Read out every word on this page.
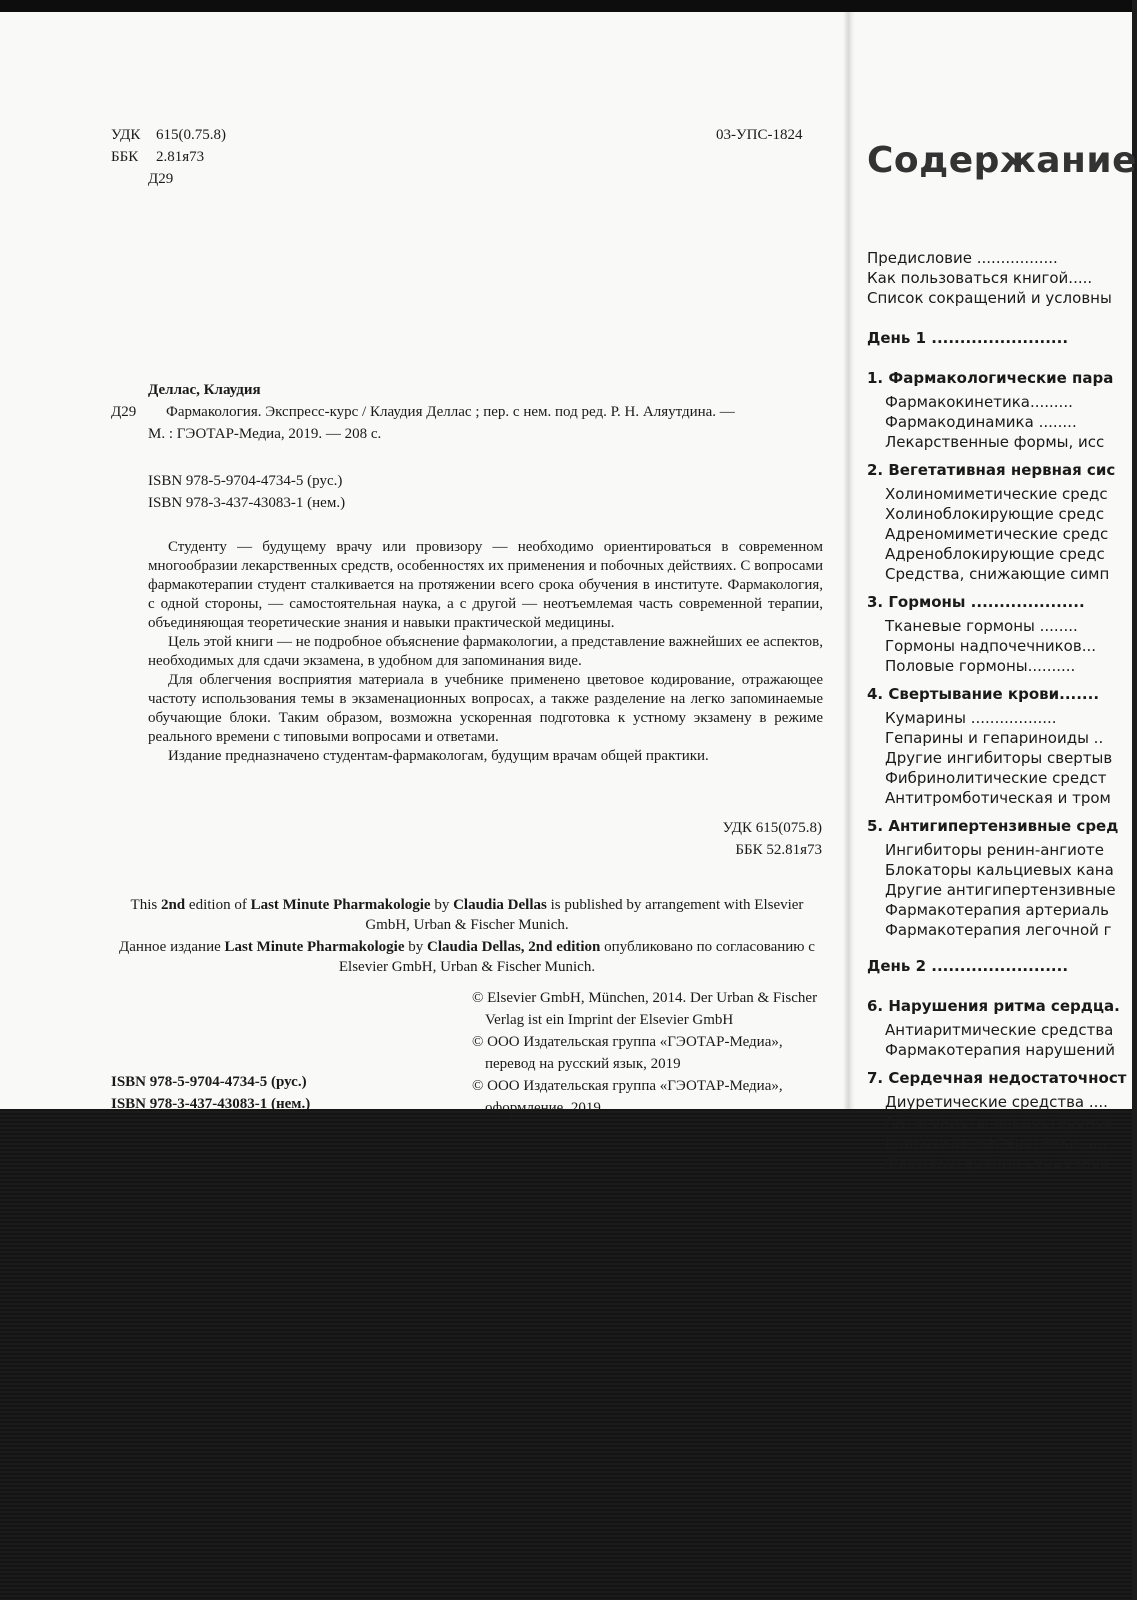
УДК 615(0.75.8)
ББК 2.81я73
Д29
03-УПС-1824
Деллас, Клаудия
Д29 Фармакология. Экспресс-курс / Клаудия Деллас ; пер. с нем. под ред. Р. Н. Аляутдина. —
М. : ГЭОТАР-Медиа, 2019. — 208 с.
ISBN 978-5-9704-4734-5 (рус.)
ISBN 978-3-437-43083-1 (нем.)
Студенту — будущему врачу или провизору — необходимо ориентироваться в современном многообразии лекарственных средств, особенностях их применения и побочных действиях. С вопросами фармакотерапии студент сталкивается на протяжении всего срока обучения в институте. Фармакология, с одной стороны, — самостоятельная наука, а с другой — неотъемлемая часть современной терапии, объединяющая теоретические знания и навыки практической медицины.
Цель этой книги — не подробное объяснение фармакологии, а представление важнейших ее аспектов, необходимых для сдачи экзамена, в удобном для запоминания виде.
Для облегчения восприятия материала в учебнике применено цветовое кодирование, отражающее частоту использования темы в экзаменационных вопросах, а также разделение на легко запоминаемые обучающие блоки. Таким образом, возможна ускоренная подготовка к устному экзамену в режиме реального времени с типовыми вопросами и ответами.
Издание предназначено студентам-фармакологам, будущим врачам общей практики.
УДК 615(075.8)
ББК 52.81я73
This 2nd edition of Last Minute Pharmakologie by Claudia Dellas is published by arrangement with Elsevier GmbH, Urban & Fischer Munich.
Данное издание Last Minute Pharmakologie by Claudia Dellas, 2nd edition опубликовано по согласованию с Elsevier GmbH, Urban & Fischer Munich.
ISBN 978-5-9704-4734-5 (рус.)
ISBN 978-3-437-43083-1 (нем.)
© Elsevier GmbH, München, 2014. Der Urban & Fischer
Verlag ist ein Imprint der Elsevier GmbH
© ООО Издательская группа «ГЭОТАР-Медиа»,
перевод на русский язык, 2019
© ООО Издательская группа «ГЭОТАР-Медиа»,
оформление, 2019
Содержание
Предисловие .................
Как пользоваться книгой.....
Список сокращений и условны
День 1 ........................
1. Фармакологические пара
Фармакокинетика.........
Фармакодинамика ........
Лекарственные формы, исс
2. Вегетативная нервная сис
Холиномиметические средс
Холиноблокирующие средс
Адреномиметические средс
Адреноблокирующие средс
Средства, снижающие симп
3. Гормоны ....................
Тканевые гормоны ........
Гормоны надпочечников...
Половые гормоны..........
4. Свертывание крови.......
Кумарины ..................
Гепарины и гепариноиды ..
Другие ингибиторы свертыв
Фибринолитические средст
Антитромботическая и тром
5. Антигипертензивные сред
Ингибиторы ренин-ангиоте
Блокаторы кальциевых кана
Другие антигипертензивные
Фармакотерапия артериаль
Фармакотерапия легочной г
День 2 ........................
6. Нарушения ритма сердца.
Антиаритмические средства
Фармакотерапия нарушений
7. Сердечная недостаточност
Диуретические средства ....
Антагонисты альдостеронов
Гликозиды наперстянки .....
Фармакотерапия сердечной
